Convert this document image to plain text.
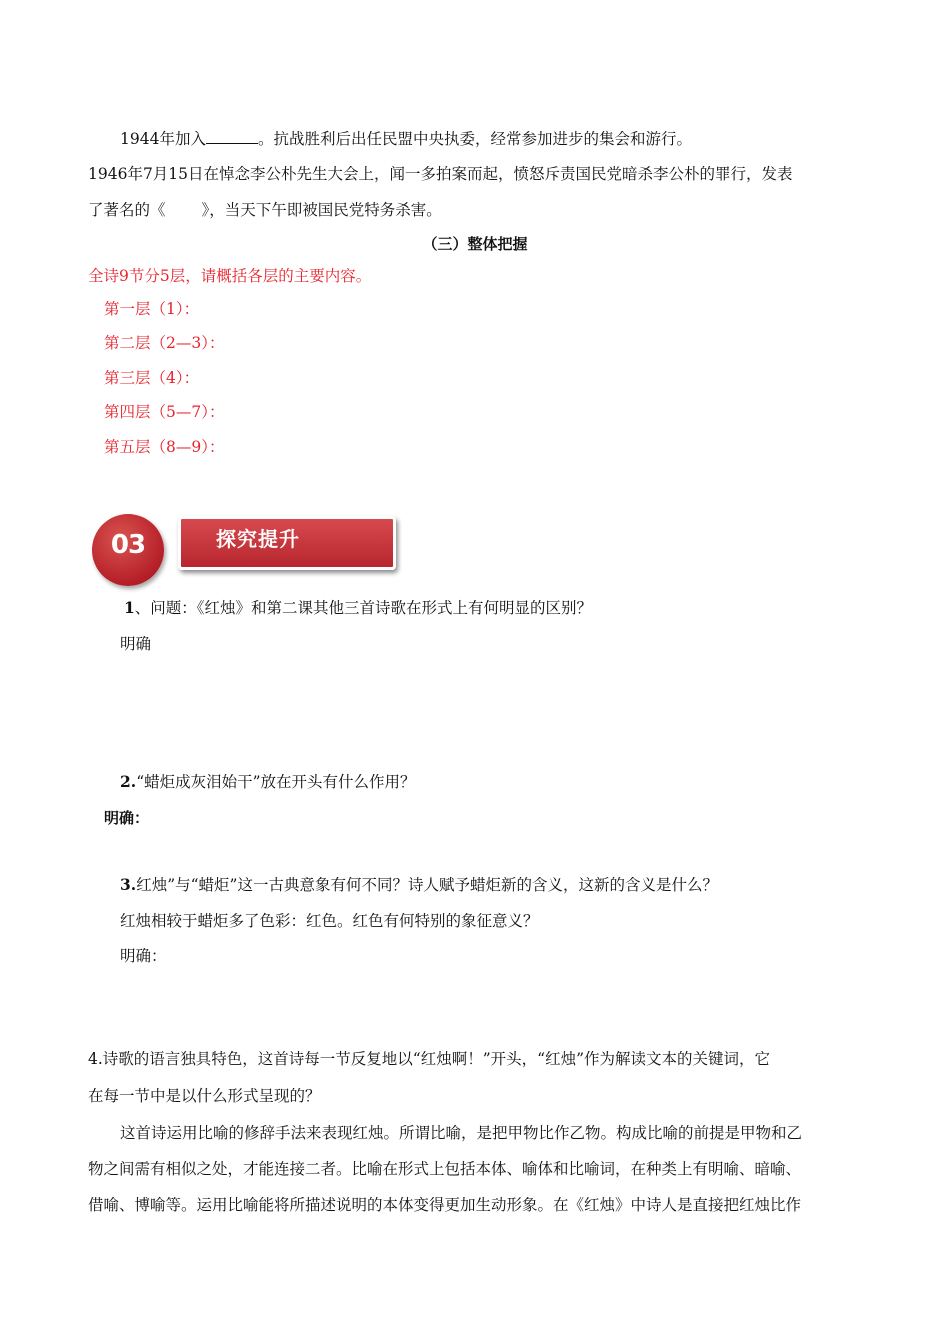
1944年加入	。抗战胜利后出任民盟中央执委，经常参加进步的集会和游行。
1946年7月15日在悼念李公朴先生大会上，闻一多拍案而起，愤怒斥责国民党暗杀李公朴的罪行，发表
了著名的《 》，当天下午即被国民党特务杀害。
（三）整体把握
全诗9节分5层，请概括各层的主要内容。
第一层（1）：
第二层（2—3）：
第三层（4）：
第四层（5—7）：
第五层（8—9）：
探究提升
03
1、问题：《红烛》和第二课其他三首诗歌在形式上有何明显的区别？
明确
2.“蜡炬成灰泪始干”放在开头有什么作用？
明确：
3.红烛”与“蜡炬”这一古典意象有何不同？诗人赋予蜡炬新的含义，这新的含义是什么？
红烛相较于蜡炬多了色彩：红色。红色有何特别的象征意义？
明确：
4.诗歌的语言独具特色，这首诗每一节反复地以“红烛啊！”开头，“红烛”作为解读文本的关键词，它
在每一节中是以什么形式呈现的？
这首诗运用比喻的修辞手法来表现红烛。所谓比喻，是把甲物比作乙物。构成比喻的前提是甲物和乙
物之间需有相似之处，才能连接二者。比喻在形式上包括本体、喻体和比喻词，在种类上有明喻、暗喻、
借喻、博喻等。运用比喻能将所描述说明的本体变得更加生动形象。在《红烛》中诗人是直接把红烛比作
